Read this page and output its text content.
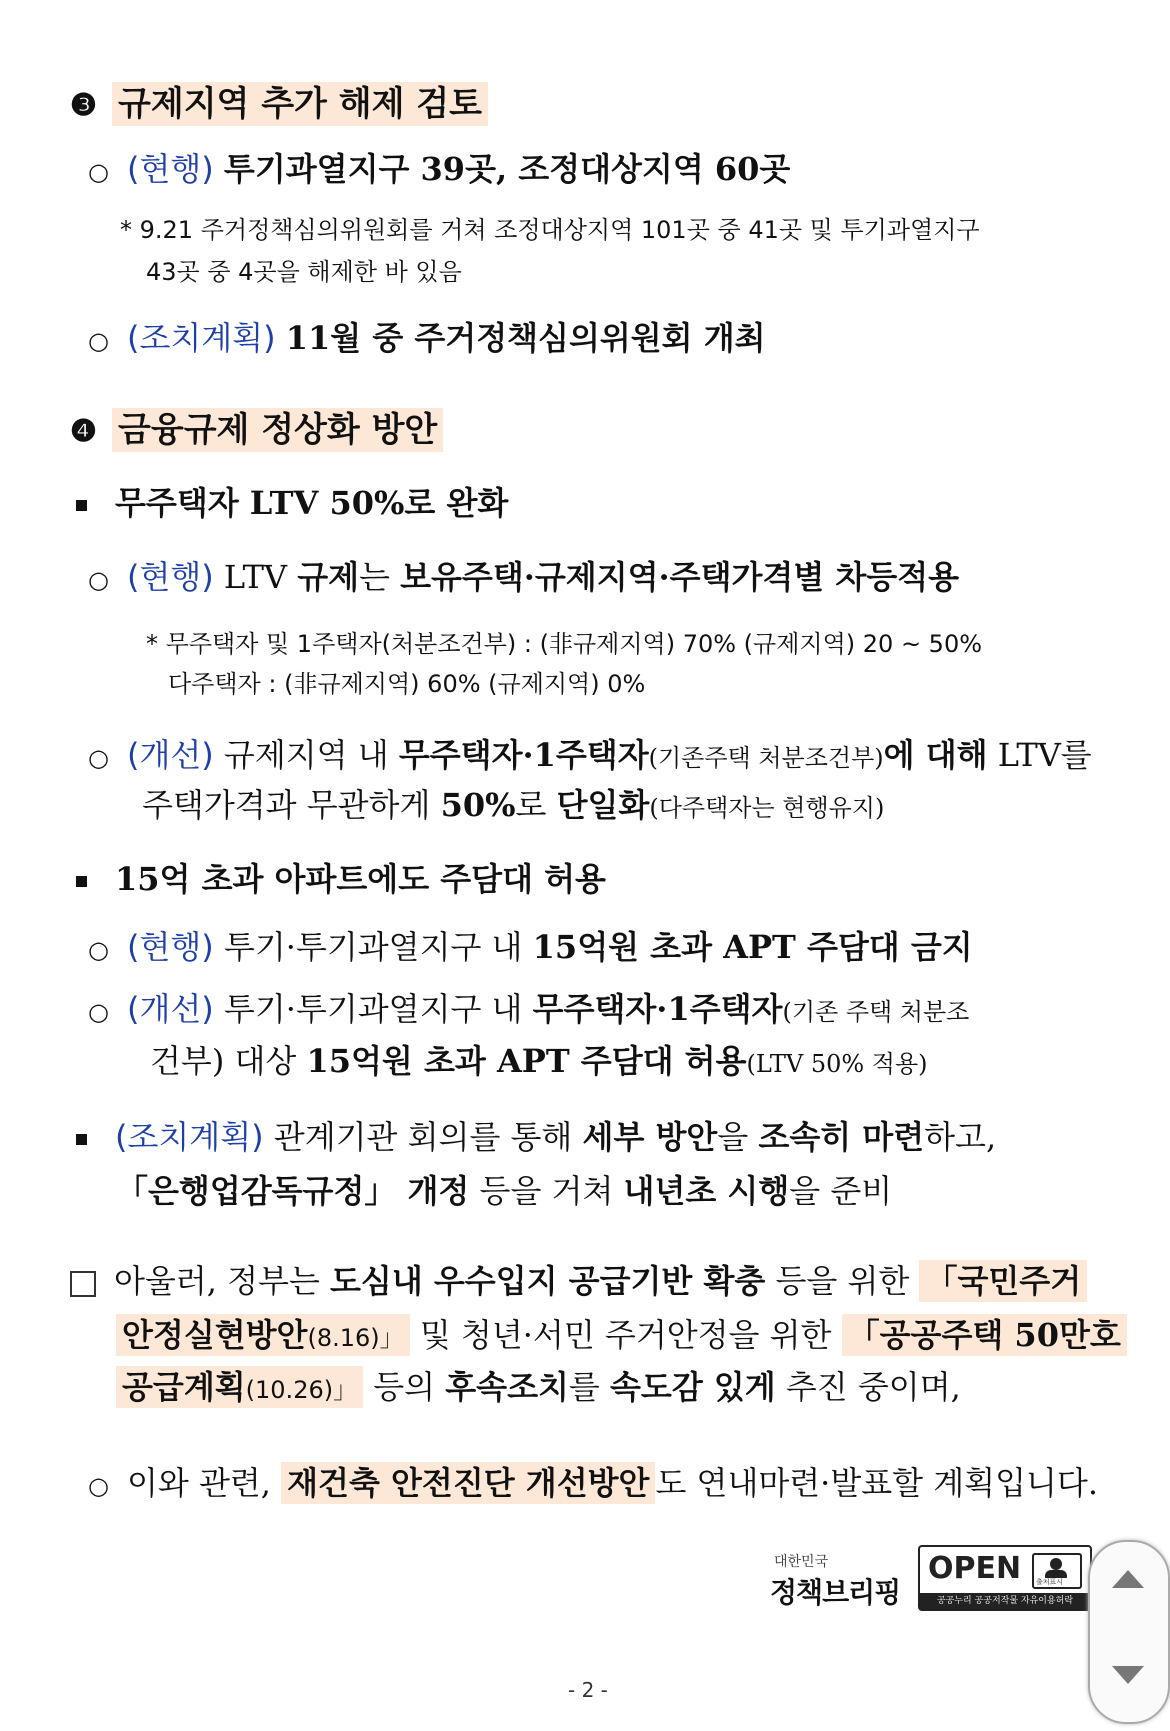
❸ 규제지역 추가 해제 검토
○ (현행) 투기과열지구 39곳, 조정대상지역 60곳
* 9.21 주거정책심의위원회를 거쳐 조정대상지역 101곳 중 41곳 및 투기과열지구
43곳 중 4곳을 해제한 바 있음
○ (조치계획) 11월 중 주거정책심의위원회 개최
❹ 금융규제 정상화 방안
무주택자 LTV 50%로 완화
○ (현행) LTV 규제는 보유주택·규제지역·주택가격별 차등적용
* 무주택자 및 1주택자(처분조건부) : (非규제지역) 70% (규제지역) 20 ~ 50%
다주택자 : (非규제지역) 60% (규제지역) 0%
○ (개선) 규제지역 내 무주택자·1주택자(기존주택 처분조건부)에 대해 LTV를
주택가격과 무관하게 50%로 단일화(다주택자는 현행유지)
15억 초과 아파트에도 주담대 허용
○ (현행) 투기·투기과열지구 내 15억원 초과 APT 주담대 금지
○ (개선) 투기·투기과열지구 내 무주택자·1주택자(기존 주택 처분조
건부) 대상 15억원 초과 APT 주담대 허용(LTV 50% 적용)
(조치계획) 관계기관 회의를 통해 세부 방안을 조속히 마련하고,
「은행업감독규정」 개정 등을 거쳐 내년초 시행을 준비
아울러, 정부는 도심내 우수입지 공급기반 확충 등을 위한 「국민주거
안정실현방안(8.16)」 및 청년·서민 주거안정을 위한 「공공주택 50만호
공급계획(10.26)」 등의 후속조치를 속도감 있게 추진 중이며,
○ 이와 관련, 재건축 안전진단 개선방안 도 연내마련·발표할 계획입니다.
대한민국
정책브리핑
OPEN 출처표시
공공누리 공공저작물 자유이용허락
- 2 -
